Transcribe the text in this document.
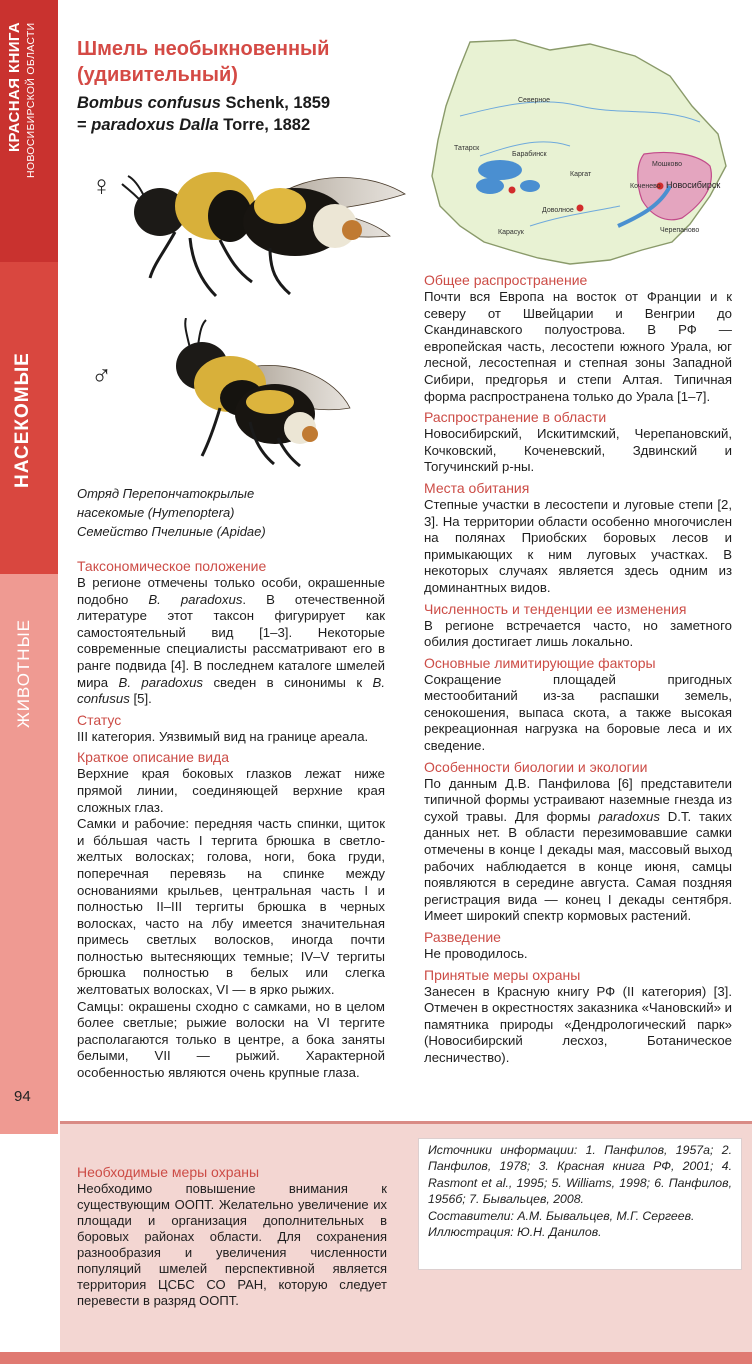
КРАСНАЯ КНИГА НОВОСИБИРСКОЙ ОБЛАСТИ
НАСЕКОМЫЕ
ЖИВОТНЫЕ
94
Шмель необыкновенный
(удивительный)
Bombus confusus Schenk, 1859
= paradoxus Dalla Torre, 1882
♀
♂
Северное
Татарск
Барабинск
Каргат
Мошково
Коченево Новосибирск
Доволное
Карасук	Черепаново
Отряд Перепончатокрылые
насекомые (Hymenoptera)
Семейство Пчелиные (Apidae)
Таксономическое положение

В регионе отмечены только особи, окрашенные подобно B. paradoxus. В отечественной литературе этот таксон фигурирует как самостоятельный вид [1–3]. Некоторые современные специалисты рассматривают его в ранге подвида [4]. В последнем каталоге шмелей мира B. paradoxus сведен в синонимы к B. confusus [5].

Статус

III категория. Уязвимый вид на границе ареала.

Краткое описание вида

Верхние края боковых глазков лежат ниже прямой линии, соединяющей верхние края сложных глаз.

Самки и рабочие: передняя часть спинки, щиток и бóльшая часть I тергита брюшка в светло-желтых волосках; голова, ноги, бока груди, поперечная перевязь на спинке между основаниями крыльев, центральная часть I и полностью II–III тергиты брюшка в черных волосках, часто на лбу имеется значительная примесь светлых волосков, иногда почти полностью вытесняющих темные; IV–V тергиты брюшка полностью в белых или слегка желтоватых волосках, VI — в ярко рыжих.

Самцы: окрашены сходно с самками, но в целом более светлые; рыжие волоски на VI тергите располагаются только в центре, а бока заняты белыми, VII — рыжий. Характерной особенностью являются очень крупные глаза.

Общее распространение

Почти вся Европа на восток от Франции и к северу от Швейцарии и Венгрии до Скандинавского полуострова. В РФ — европейская часть, лесостепи южного Урала, юг лесной, лесостепная и степная зоны Западной Сибири, предгорья и степи Алтая. Типичная форма распространена только до Урала [1–7].

Распространение в области

Новосибирский, Искитимский, Черепановский, Кочковский, Коченевский, Здвинский и Тогучинский р-ны.

Места обитания

Степные участки в лесостепи и луговые степи [2, 3]. На территории области особенно многочислен на полянах Приобских боровых лесов и примыкающих к ним луговых участках. В некоторых случаях является здесь одним из доминантных видов.

Численность и тенденции ее изменения

В регионе встречается часто, но заметного обилия достигает лишь локально.

Основные лимитирующие факторы

Сокращение площадей пригодных местообитаний из-за распашки земель, сенокошения, выпаса скота, а также высокая рекреационная нагрузка на боровые леса и их сведение.

Особенности биологии и экологии

По данным Д.В. Панфилова [6] представители типичной формы устраивают наземные гнезда из сухой травы. Для формы paradoxus D.T. таких данных нет. В области перезимовавшие самки отмечены в конце I декады мая, массовый выход рабочих наблюдается в конце июня, самцы появляются в середине августа. Самая поздняя регистрация вида — конец I декады сентября. Имеет широкий спектр кормовых растений.

Разведение

Не проводилось.

Принятые меры охраны

Занесен в Красную книгу РФ (II категория) [3]. Отмечен в окрестностях заказника «Чановский» и памятника природы «Дендрологический парк» (Новосибирский лесхоз, Ботаническое лесничество).

Необходимые меры охраны

Необходимо повышение внимания к существующим ООПТ. Желательно увеличение их площади и организация дополнительных в боровых районах области. Для сохранения разнообразия и увеличения численности популяций шмелей перспективной является территория ЦСБС СО РАН, которую следует перевести в разряд ООПТ.

Источники информации: 1. Панфилов, 1957а; 2. Панфилов, 1978; 3. Красная книга РФ, 2001; 4. Rasmont et al., 1995; 5. Williams, 1998; 6. Панфилов, 1956б; 7. Бывальцев, 2008.
Составители: А.М. Бывальцев, М.Г. Сергеев.
Иллюстрация: Ю.Н. Данилов.
